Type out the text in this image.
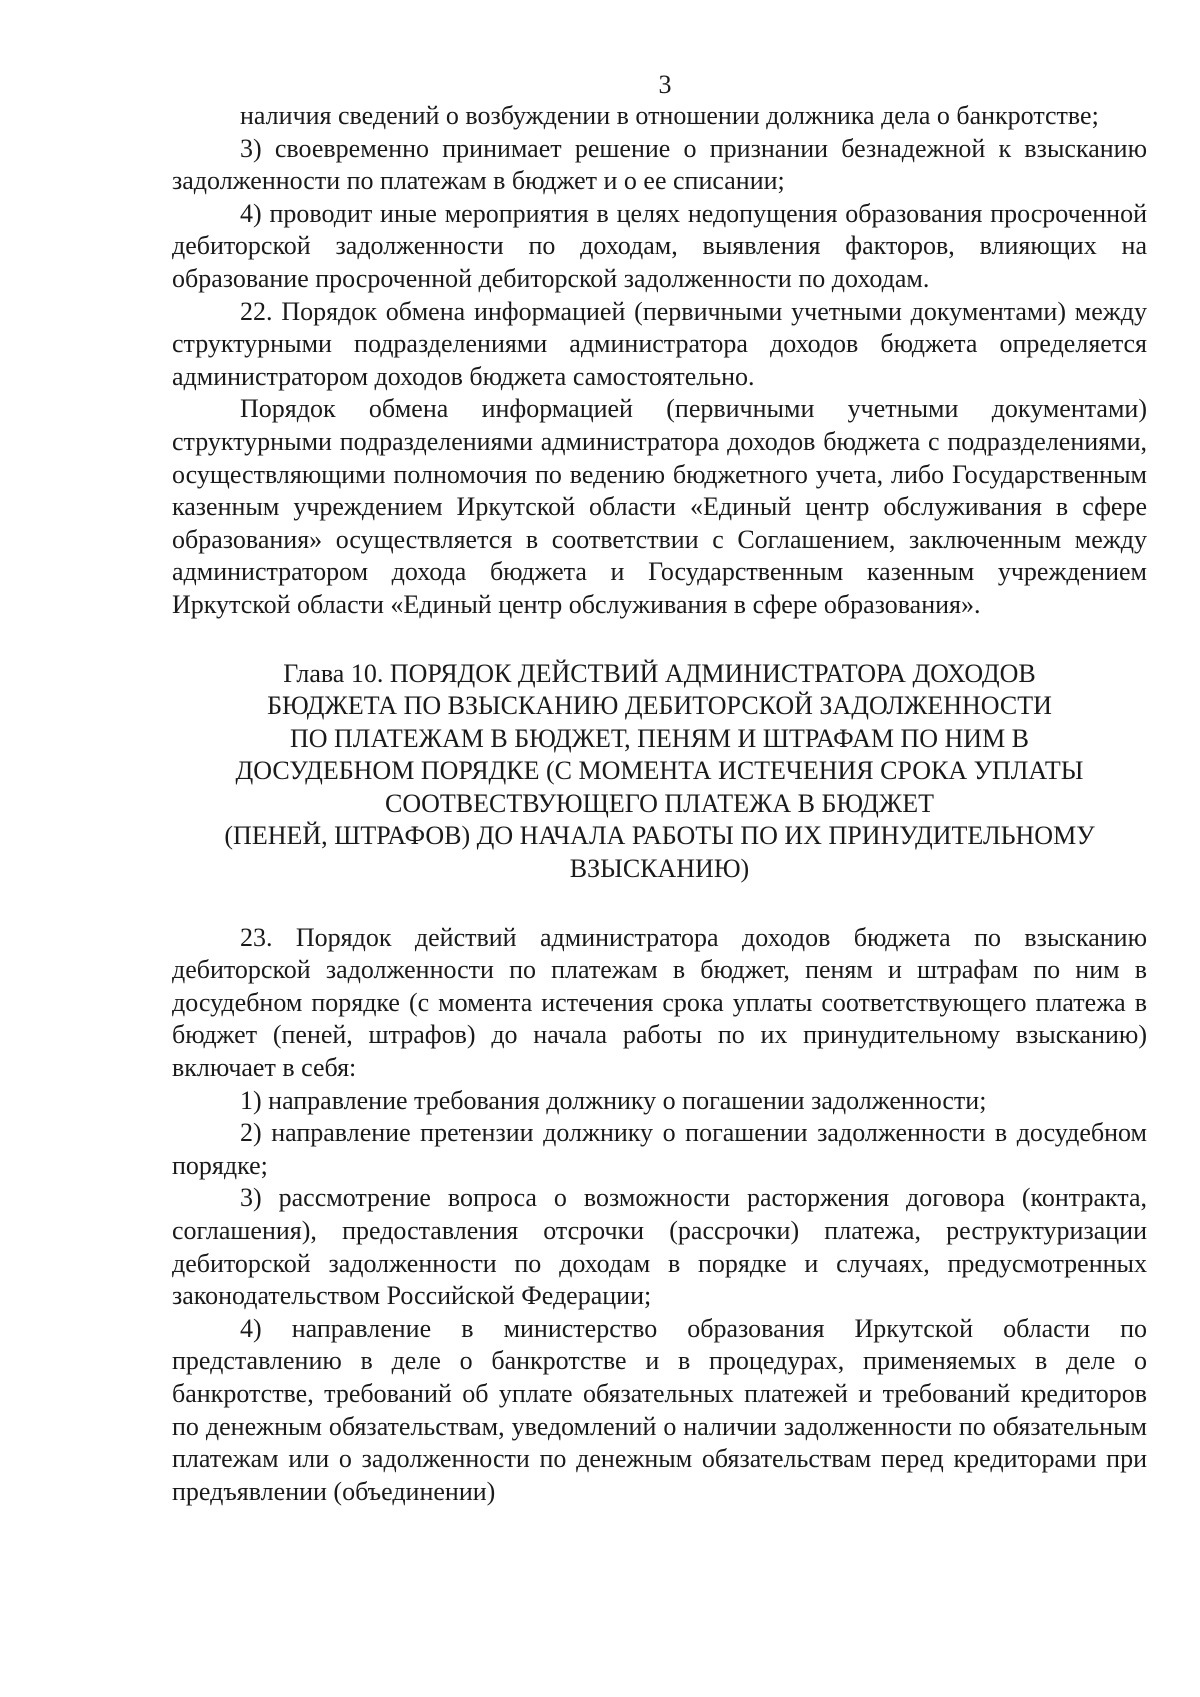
3

наличия сведений о возбуждении в отношении должника дела о банкротстве;

3) своевременно принимает решение о признании безнадежной к взысканию задолженности по платежам в бюджет и о ее списании;

4) проводит иные мероприятия в целях недопущения образования просроченной дебиторской задолженности по доходам, выявления факторов, влияющих на образование просроченной дебиторской задолженности по доходам.

22. Порядок обмена информацией (первичными учетными документами) между структурными подразделениями администратора доходов бюджета определяется администратором доходов бюджета самостоятельно.

Порядок обмена информацией (первичными учетными документами) структурными подразделениями администратора доходов бюджета с подразделениями, осуществляющими полномочия по ведению бюджетного учета, либо Государственным казенным учреждением Иркутской области «Единый центр обслуживания в сфере образования» осуществляется в соответствии с Соглашением, заключенным между администратором дохода бюджета и Государственным казенным учреждением Иркутской области «Единый центр обслуживания в сфере образования».

Глава 10. ПОРЯДОК ДЕЙСТВИЙ АДМИНИСТРАТОРА ДОХОДОВ
БЮДЖЕТА ПО ВЗЫСКАНИЮ ДЕБИТОРСКОЙ ЗАДОЛЖЕННОСТИ
ПО ПЛАТЕЖАМ В БЮДЖЕТ, ПЕНЯМ И ШТРАФАМ ПО НИМ В
ДОСУДЕБНОМ ПОРЯДКЕ (С МОМЕНТА ИСТЕЧЕНИЯ СРОКА УПЛАТЫ
СООТВЕСТВУЮЩЕГО ПЛАТЕЖА В БЮДЖЕТ
(ПЕНЕЙ, ШТРАФОВ) ДО НАЧАЛА РАБОТЫ ПО ИХ ПРИНУДИТЕЛЬНОМУ
ВЗЫСКАНИЮ)

23. Порядок действий администратора доходов бюджета по взысканию дебиторской задолженности по платежам в бюджет, пеням и штрафам по ним в досудебном порядке (с момента истечения срока уплаты соответствующего платежа в бюджет (пеней, штрафов) до начала работы по их принудительному взысканию) включает в себя:

1) направление требования должнику о погашении задолженности;

2) направление претензии должнику о погашении задолженности в досудебном порядке;

3) рассмотрение вопроса о возможности расторжения договора (контракта, соглашения), предоставления отсрочки (рассрочки) платежа, реструктуризации дебиторской задолженности по доходам в порядке и случаях, предусмотренных законодательством Российской Федерации;

4) направление в министерство образования Иркутской области по представлению в деле о банкротстве и в процедурах, применяемых в деле о банкротстве, требований об уплате обязательных платежей и требований кредиторов по денежным обязательствам, уведомлений о наличии задолженности по обязательным платежам или о задолженности по денежным обязательствам перед кредиторами при предъявлении (объединении)
